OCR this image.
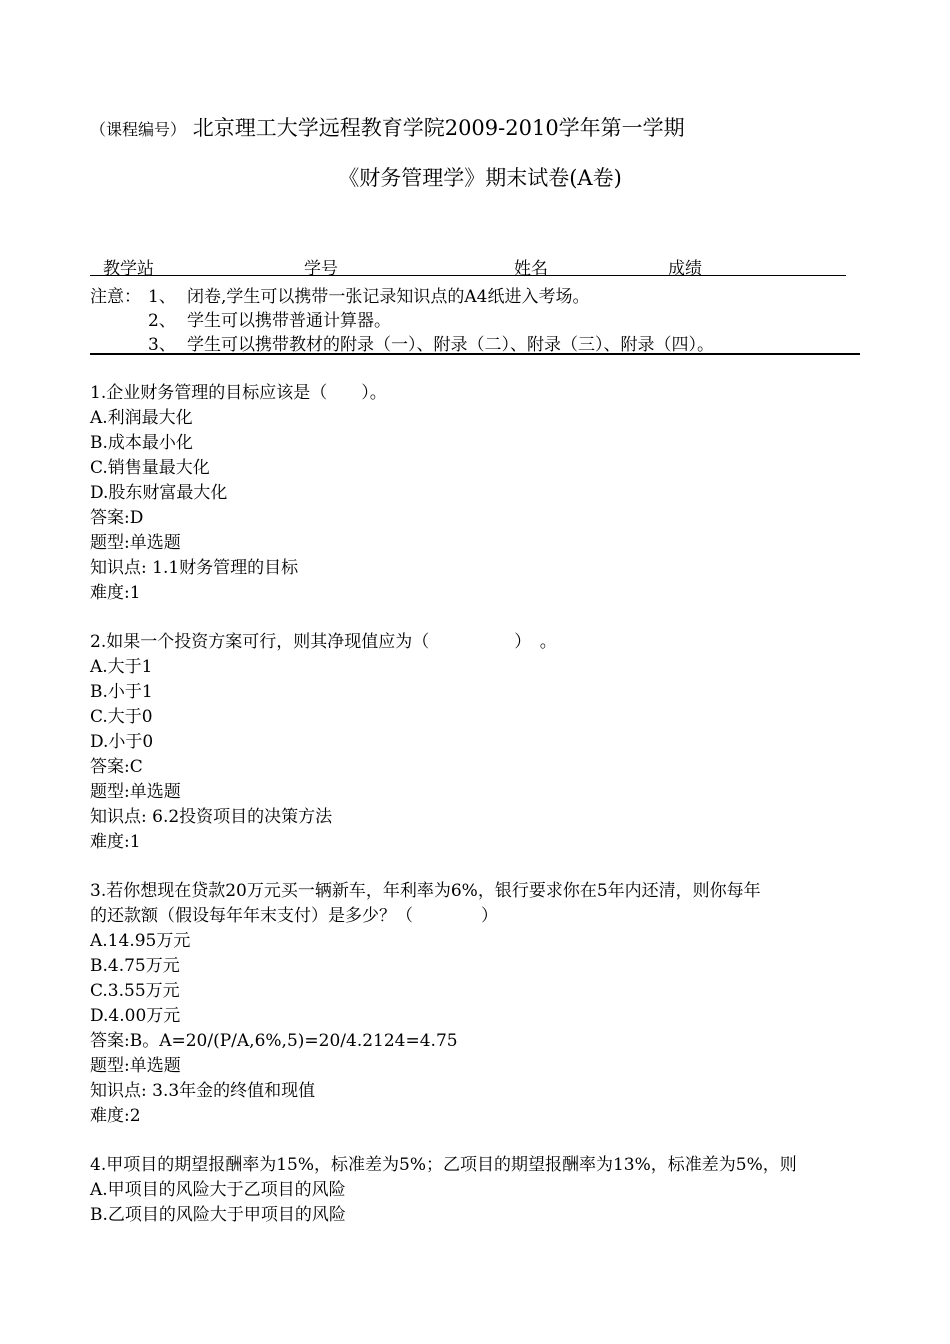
（课程编号） 北京理工大学远程教育学院2009-2010学年第一学期
《财务管理学》期末试卷(A卷)

教学站

	学号

	姓名

	成绩

注意： 1、 闭卷,学生可以携带一张记录知识点的A4纸进入考场。
2、 学生可以携带普通计算器。
3、 学生可以携带教材的附录（一）、附录（二）、附录（三）、附录（四）。
1.企业财务管理的目标应该是（　　）。
A.利润最大化
B.成本最小化
C.销售量最大化
D.股东财富最大化
答案:D
题型:单选题
知识点: 1.1财务管理的目标
难度:1
2.如果一个投资方案可行，则其净现值应为（　　　　　）　。
A.大于1
B.小于1
C.大于0
D.小于0
答案:C
题型:单选题
知识点: 6.2投资项目的决策方法
难度:1
3.若你想现在贷款20万元买一辆新车，年利率为6%，银行要求你在5年内还清，则你每年
的还款额（假设每年年末支付）是多少？（　　　　）
A.14.95万元
B.4.75万元
C.3.55万元
D.4.00万元
答案:B。A=20/(P/A,6%,5)=20/4.2124=4.75
题型:单选题
知识点: 3.3年金的终值和现值
难度:2
4.甲项目的期望报酬率为15%，标准差为5%；乙项目的期望报酬率为13%，标准差为5%，则
A.甲项目的风险大于乙项目的风险
B.乙项目的风险大于甲项目的风险
